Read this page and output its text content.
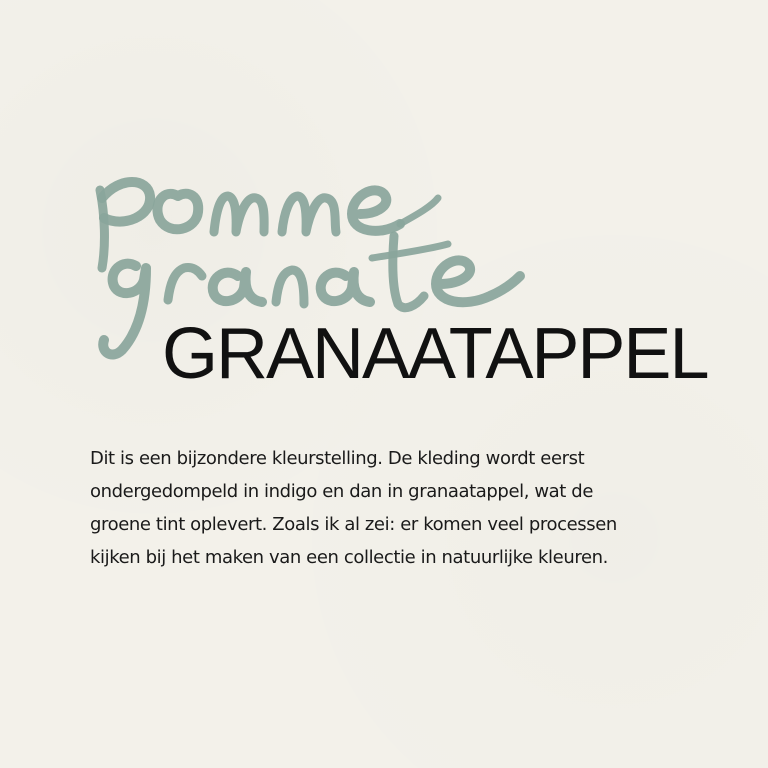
GRANAATAPPEL

Dit is een bijzondere kleurstelling. De kleding wordt eerst
ondergedompeld in indigo en dan in granaatappel, wat de
groene tint oplevert. Zoals ik al zei: er komen veel processen
kijken bij het maken van een collectie in natuurlijke kleuren.
